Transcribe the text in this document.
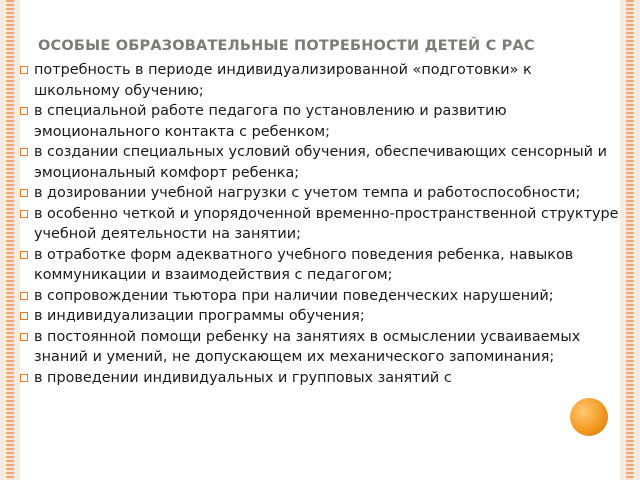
ОСОБЫЕ ОБРАЗОВАТЕЛЬНЫЕ ПОТРЕБНОСТИ ДЕТЕЙ С РАС
потребность в периоде индивидуализированной «подготовки» к школьному обучению;
в специальной работе педагога по установлению и развитию эмоционального контакта с ребенком;
в создании специальных условий обучения, обеспечивающих сенсорный и эмоциональный комфорт ребенка;
в дозировании учебной нагрузки с учетом темпа и работоспособности;
в особенно четкой и упорядоченной временно-пространственной структуре учебной деятельности на занятии;
в отработке форм адекватного учебного поведения ребенка, навыков коммуникации и взаимодействия с педагогом;
в сопровождении тьютора при наличии поведенческих нарушений;
в индивидуализации программы обучения;
в постоянной помощи ребенку на занятиях в осмыслении усваиваемых знаний и умений, не допускающем их механического запоминания;
в проведении индивидуальных и групповых занятий с
